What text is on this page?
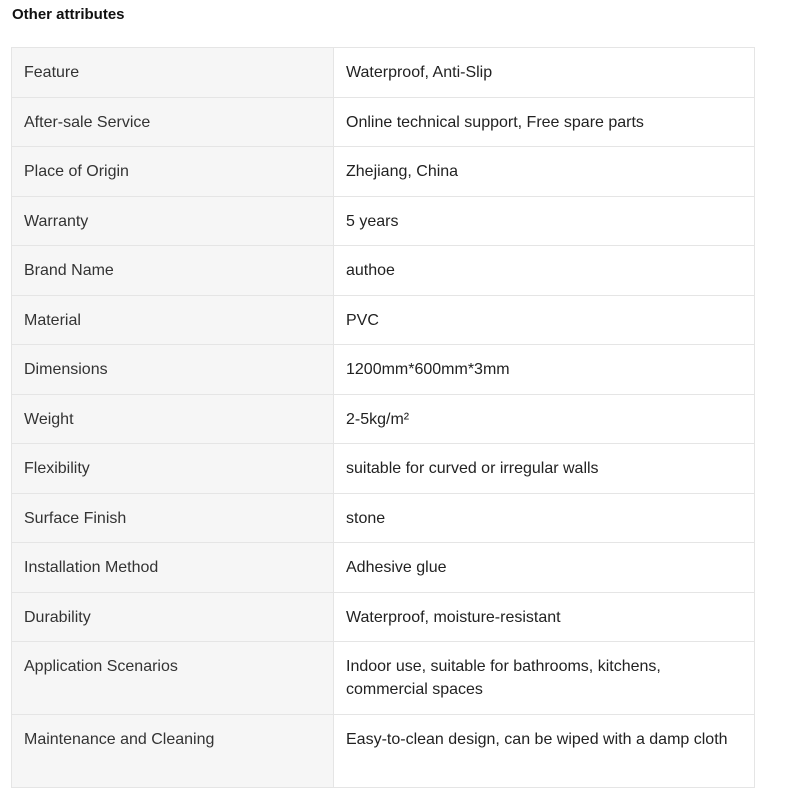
Other attributes
Feature	Waterproof, Anti-Slip
After-sale Service	Online technical support, Free spare parts
Place of Origin	Zhejiang, China
Warranty	5 years
Brand Name	authoe
Material	PVC
Dimensions	1200mm*600mm*3mm
Weight	2-5kg/m²
Flexibility	suitable for curved or irregular walls
Surface Finish	stone
Installation Method	Adhesive glue
Durability	Waterproof, moisture-resistant
Application Scenarios	Indoor use, suitable for bathrooms, kitchens, commercial spaces
Maintenance and Cleaning	Easy-to-clean design, can be wiped with a damp cloth
